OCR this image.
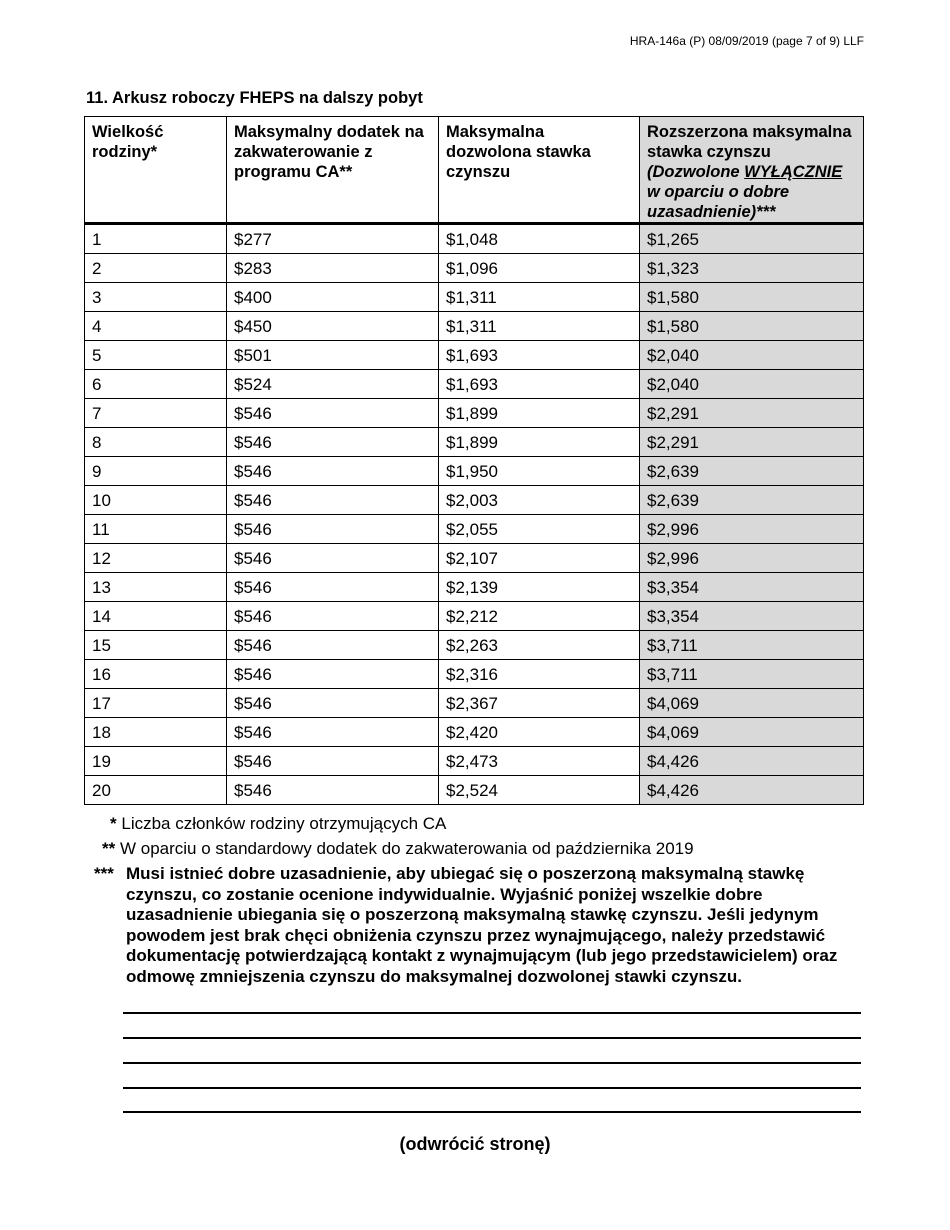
HRA-146a (P) 08/09/2019 (page 7 of 9) LLF
11. Arkusz roboczy FHEPS na dalszy pobyt
Wielkość rodziny*	Maksymalny dodatek na zakwaterowanie z programu CA**	Maksymalna dozwolona stawka czynszu	Rozszerzona maksymalna stawka czynszu (Dozwolone WYŁĄCZNIE w oparciu o dobre uzasadnienie)***
1	$277	$1,048	$1,265
2	$283	$1,096	$1,323
3	$400	$1,311	$1,580
4	$450	$1,311	$1,580
5	$501	$1,693	$2,040
6	$524	$1,693	$2,040
7	$546	$1,899	$2,291
8	$546	$1,899	$2,291
9	$546	$1,950	$2,639
10	$546	$2,003	$2,639
11	$546	$2,055	$2,996
12	$546	$2,107	$2,996
13	$546	$2,139	$3,354
14	$546	$2,212	$3,354
15	$546	$2,263	$3,711
16	$546	$2,316	$3,711
17	$546	$2,367	$4,069
18	$546	$2,420	$4,069
19	$546	$2,473	$4,426
20	$546	$2,524	$4,426
* Liczba członków rodziny otrzymujących CA
** W oparciu o standardowy dodatek do zakwaterowania od października 2019
*** Musi istnieć dobre uzasadnienie, aby ubiegać się o poszerzoną maksymalną stawkę czynszu, co zostanie ocenione indywidualnie. Wyjaśnić poniżej wszelkie dobre uzasadnienie ubiegania się o poszerzoną maksymalną stawkę czynszu. Jeśli jedynym powodem jest brak chęci obniżenia czynszu przez wynajmującego, należy przedstawić dokumentację potwierdzającą kontakt z wynajmującym (lub jego przedstawicielem) oraz odmowę zmniejszenia czynszu do maksymalnej dozwolonej stawki czynszu.
(odwrócić stronę)
